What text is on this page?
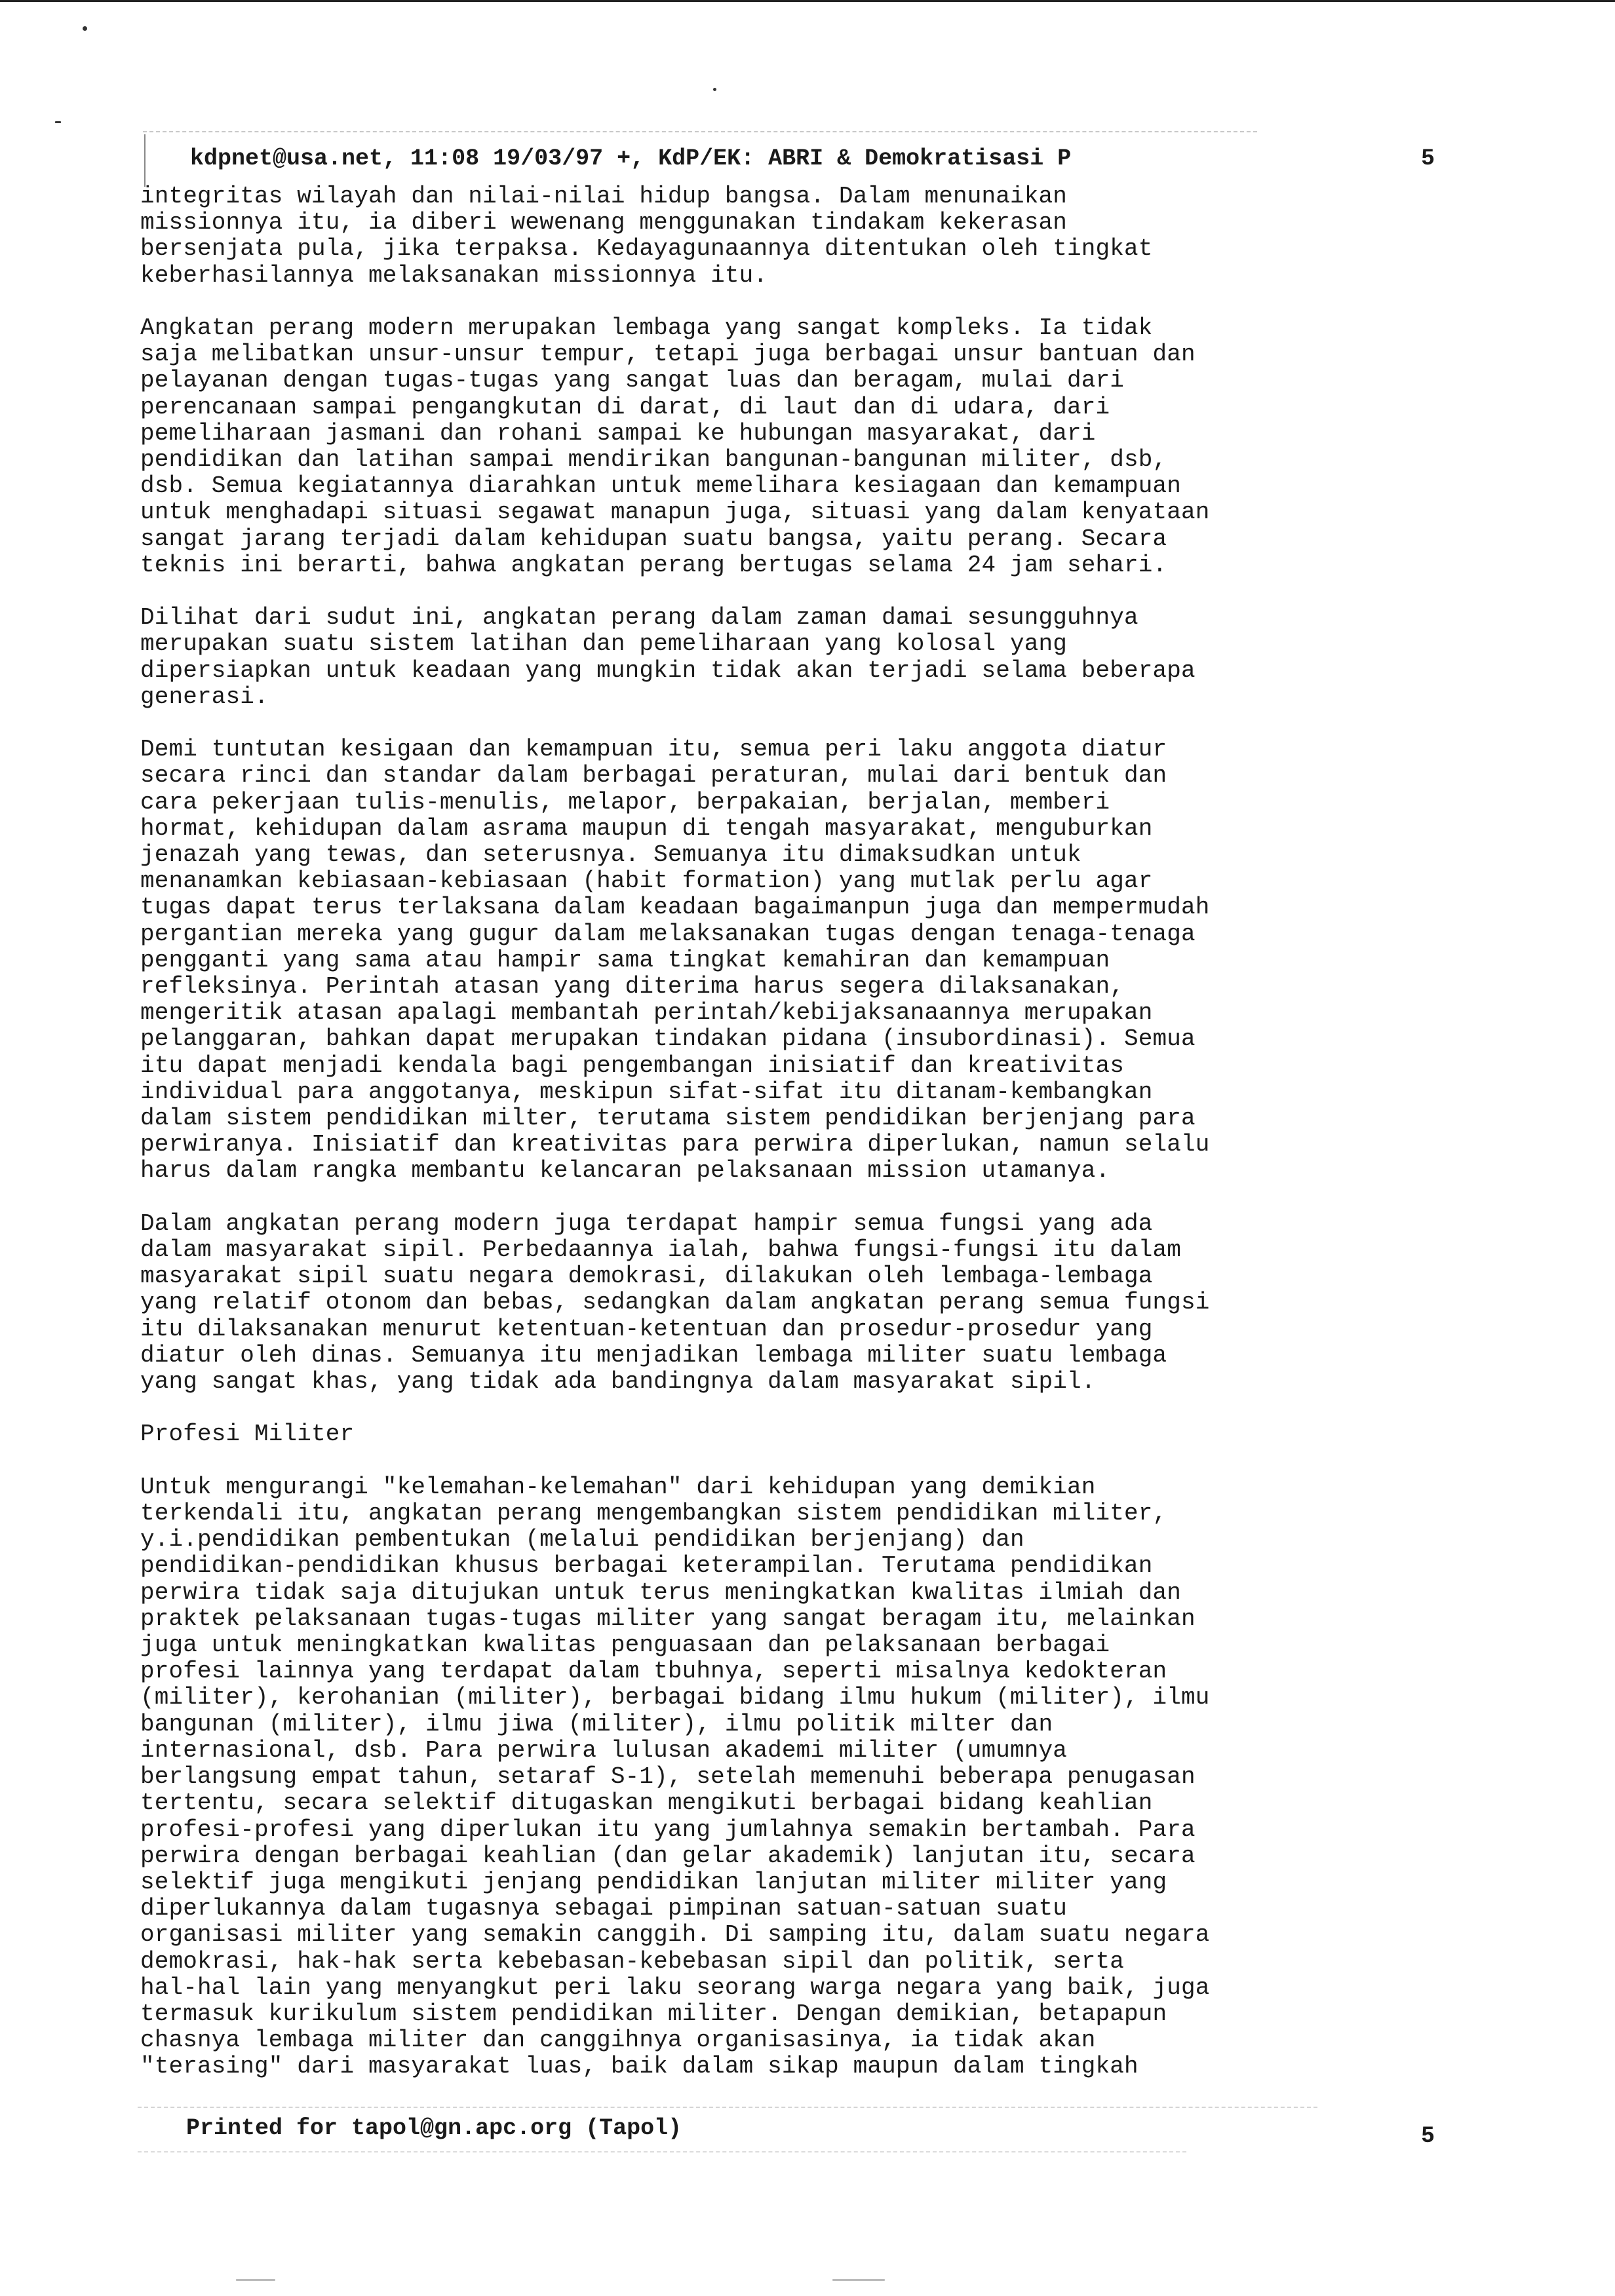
kdpnet@usa.net, 11:08 19/03/97 +, KdP/EK: ABRI & Demokratisasi P	5
integritas wilayah dan nilai-nilai hidup bangsa. Dalam menunaikan
missionnya itu, ia diberi wewenang menggunakan tindakam kekerasan
bersenjata pula, jika terpaksa. Kedayagunaannya ditentukan oleh tingkat
keberhasilannya melaksanakan missionnya itu.
Angkatan perang modern merupakan lembaga yang sangat kompleks. Ia tidak
saja melibatkan unsur-unsur tempur, tetapi juga berbagai unsur bantuan dan
pelayanan dengan tugas-tugas yang sangat luas dan beragam, mulai dari
perencanaan sampai pengangkutan di darat, di laut dan di udara, dari
pemeliharaan jasmani dan rohani sampai ke hubungan masyarakat, dari
pendidikan dan latihan sampai mendirikan bangunan-bangunan militer, dsb,
dsb. Semua kegiatannya diarahkan untuk memelihara kesiagaan dan kemampuan
untuk menghadapi situasi segawat manapun juga, situasi yang dalam kenyataan
sangat jarang terjadi dalam kehidupan suatu bangsa, yaitu perang. Secara
teknis ini berarti, bahwa angkatan perang bertugas selama 24 jam sehari.
Dilihat dari sudut ini, angkatan perang dalam zaman damai sesungguhnya
merupakan suatu sistem latihan dan pemeliharaan yang kolosal yang
dipersiapkan untuk keadaan yang mungkin tidak akan terjadi selama beberapa
generasi.
Demi tuntutan kesigaan dan kemampuan itu, semua peri laku anggota diatur
secara rinci dan standar dalam berbagai peraturan, mulai dari bentuk dan
cara pekerjaan tulis-menulis, melapor, berpakaian, berjalan, memberi
hormat, kehidupan dalam asrama maupun di tengah masyarakat, menguburkan
jenazah yang tewas, dan seterusnya. Semuanya itu dimaksudkan untuk
menanamkan kebiasaan-kebiasaan (habit formation) yang mutlak perlu agar
tugas dapat terus terlaksana dalam keadaan bagaimanpun juga dan mempermudah
pergantian mereka yang gugur dalam melaksanakan tugas dengan tenaga-tenaga
pengganti yang sama atau hampir sama tingkat kemahiran dan kemampuan
refleksinya. Perintah atasan yang diterima harus segera dilaksanakan,
mengeritik atasan apalagi membantah perintah/kebijaksanaannya merupakan
pelanggaran, bahkan dapat merupakan tindakan pidana (insubordinasi). Semua
itu dapat menjadi kendala bagi pengembangan inisiatif dan kreativitas
individual para anggotanya, meskipun sifat-sifat itu ditanam-kembangkan
dalam sistem pendidikan milter, terutama sistem pendidikan berjenjang para
perwiranya. Inisiatif dan kreativitas para perwira diperlukan, namun selalu
harus dalam rangka membantu kelancaran pelaksanaan mission utamanya.
Dalam angkatan perang modern juga terdapat hampir semua fungsi yang ada
dalam masyarakat sipil. Perbedaannya ialah, bahwa fungsi-fungsi itu dalam
masyarakat sipil suatu negara demokrasi, dilakukan oleh lembaga-lembaga
yang relatif otonom dan bebas, sedangkan dalam angkatan perang semua fungsi
itu dilaksanakan menurut ketentuan-ketentuan dan prosedur-prosedur yang
diatur oleh dinas. Semuanya itu menjadikan lembaga militer suatu lembaga
yang sangat khas, yang tidak ada bandingnya dalam masyarakat sipil.
Profesi Militer
Untuk mengurangi "kelemahan-kelemahan" dari kehidupan yang demikian
terkendali itu, angkatan perang mengembangkan sistem pendidikan militer,
y.i.pendidikan pembentukan (melalui pendidikan berjenjang) dan
pendidikan-pendidikan khusus berbagai keterampilan. Terutama pendidikan
perwira tidak saja ditujukan untuk terus meningkatkan kwalitas ilmiah dan
praktek pelaksanaan tugas-tugas militer yang sangat beragam itu, melainkan
juga untuk meningkatkan kwalitas penguasaan dan pelaksanaan berbagai
profesi lainnya yang terdapat dalam tbuhnya, seperti misalnya kedokteran
(militer), kerohanian (militer), berbagai bidang ilmu hukum (militer), ilmu
bangunan (militer), ilmu jiwa (militer), ilmu politik milter dan
internasional, dsb. Para perwira lulusan akademi militer (umumnya
berlangsung empat tahun, setaraf S-1), setelah memenuhi beberapa penugasan
tertentu, secara selektif ditugaskan mengikuti berbagai bidang keahlian
profesi-profesi yang diperlukan itu yang jumlahnya semakin bertambah. Para
perwira dengan berbagai keahlian (dan gelar akademik) lanjutan itu, secara
selektif juga mengikuti jenjang pendidikan lanjutan militer militer yang
diperlukannya dalam tugasnya sebagai pimpinan satuan-satuan suatu
organisasi militer yang semakin canggih. Di samping itu, dalam suatu negara
demokrasi, hak-hak serta kebebasan-kebebasan sipil dan politik, serta
hal-hal lain yang menyangkut peri laku seorang warga negara yang baik, juga
termasuk kurikulum sistem pendidikan militer. Dengan demikian, betapapun
chasnya lembaga militer dan canggihnya organisasinya, ia tidak akan
"terasing" dari masyarakat luas, baik dalam sikap maupun dalam tingkah
Printed for tapol@gn.apc.org (Tapol)	5
